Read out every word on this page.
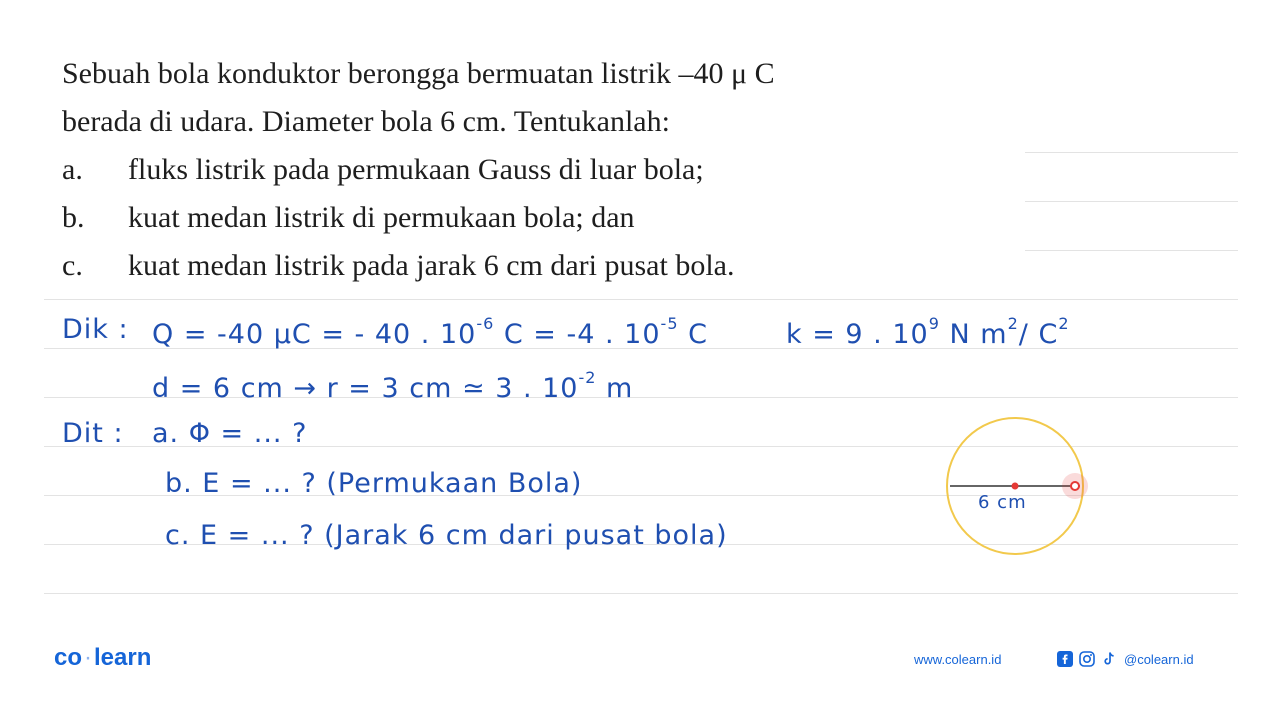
Sebuah bola konduktor berongga bermuatan listrik –40 μ C
berada di udara. Diameter bola 6 cm. Tentukanlah:
a.	fluks listrik pada permukaan Gauss di luar bola;
b.	kuat medan listrik di permukaan bola; dan
c.	kuat medan listrik pada jarak 6 cm dari pusat bola.
Dik : Q = -40 μC = - 40 . $10^{-6}$ C = -4 . $10^{-5}$ C	k = 9 . $10^9$ N $m^2/$ $C^2$
d = 6 cm → r = 3 cm ≃ 3 . $10^{-2}$ m
Dit : a. Φ = ... ?
b. E = ... ? (Permukaan Bola)
c. E = ... ? (Jarak 6 cm dari pusat bola)
6 cm
co·learn	www.colearn.id	@colearn.id
